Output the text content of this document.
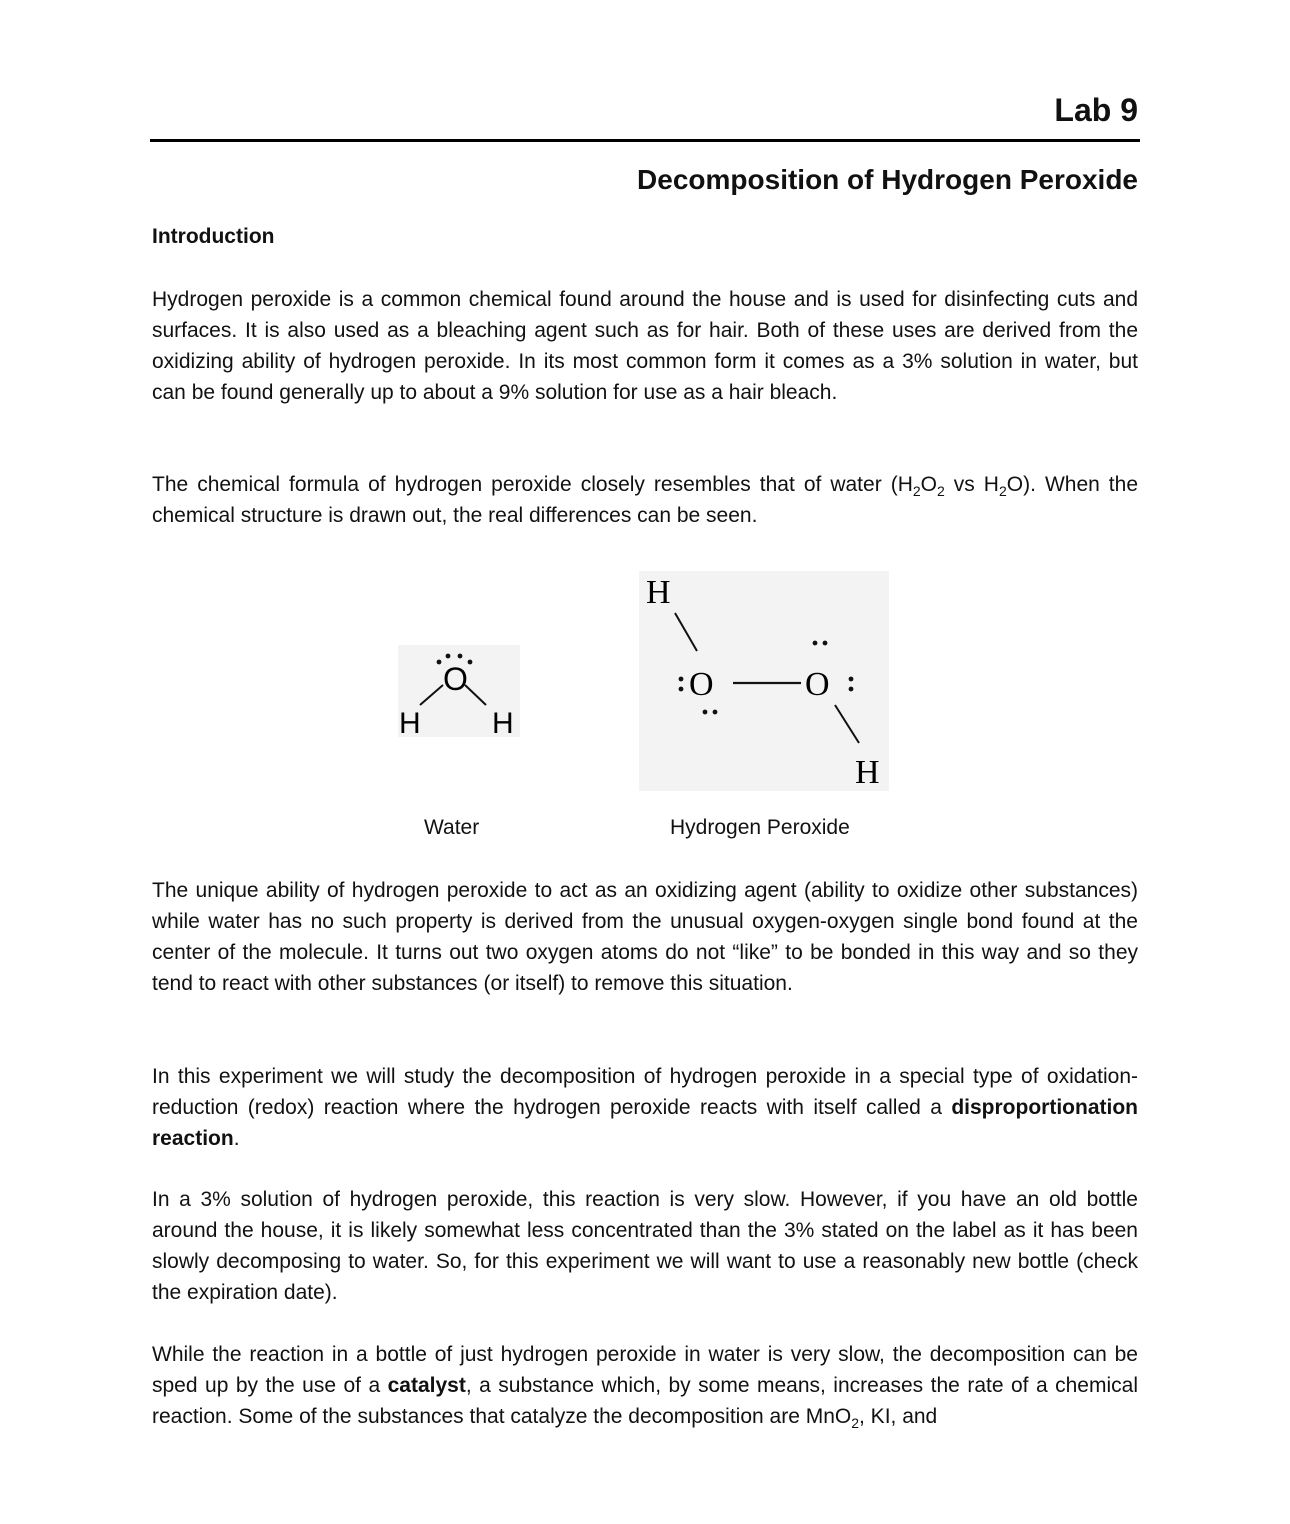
Lab 9
Decomposition of Hydrogen Peroxide
Introduction

Hydrogen peroxide is a common chemical found around the house and is used for disinfecting cuts and surfaces. It is also used as a bleaching agent such as for hair. Both of these uses are derived from the oxidizing ability of hydrogen peroxide. In its most common form it comes as a 3% solution in water, but can be found generally up to about a 9% solution for use as a hair bleach.

The chemical formula of hydrogen peroxide closely resembles that of water ($H_2O_2$ vs $H_2O$). When the chemical structure is drawn out, the real differences can be seen.

O
H H
H
O	O
H
Water	Hydrogen Peroxide

The unique ability of hydrogen peroxide to act as an oxidizing agent (ability to oxidize other substances) while water has no such property is derived from the unusual oxygen-oxygen single bond found at the center of the molecule. It turns out two oxygen atoms do not “like” to be bonded in this way and so they tend to react with other substances (or itself) to remove this situation.

In this experiment we will study the decomposition of hydrogen peroxide in a special type of oxidation-reduction (redox) reaction where the hydrogen peroxide reacts with itself called a disproportionation reaction.

In a 3% solution of hydrogen peroxide, this reaction is very slow. However, if you have an old bottle around the house, it is likely somewhat less concentrated than the 3% stated on the label as it has been slowly decomposing to water. So, for this experiment we will want to use a reasonably new bottle (check the expiration date).

While the reaction in a bottle of just hydrogen peroxide in water is very slow, the decomposition can be sped up by the use of a catalyst, a substance which, by some means, increases the rate of a chemical reaction. Some of the substances that catalyze the decomposition are MnO$_2$, KI, and
